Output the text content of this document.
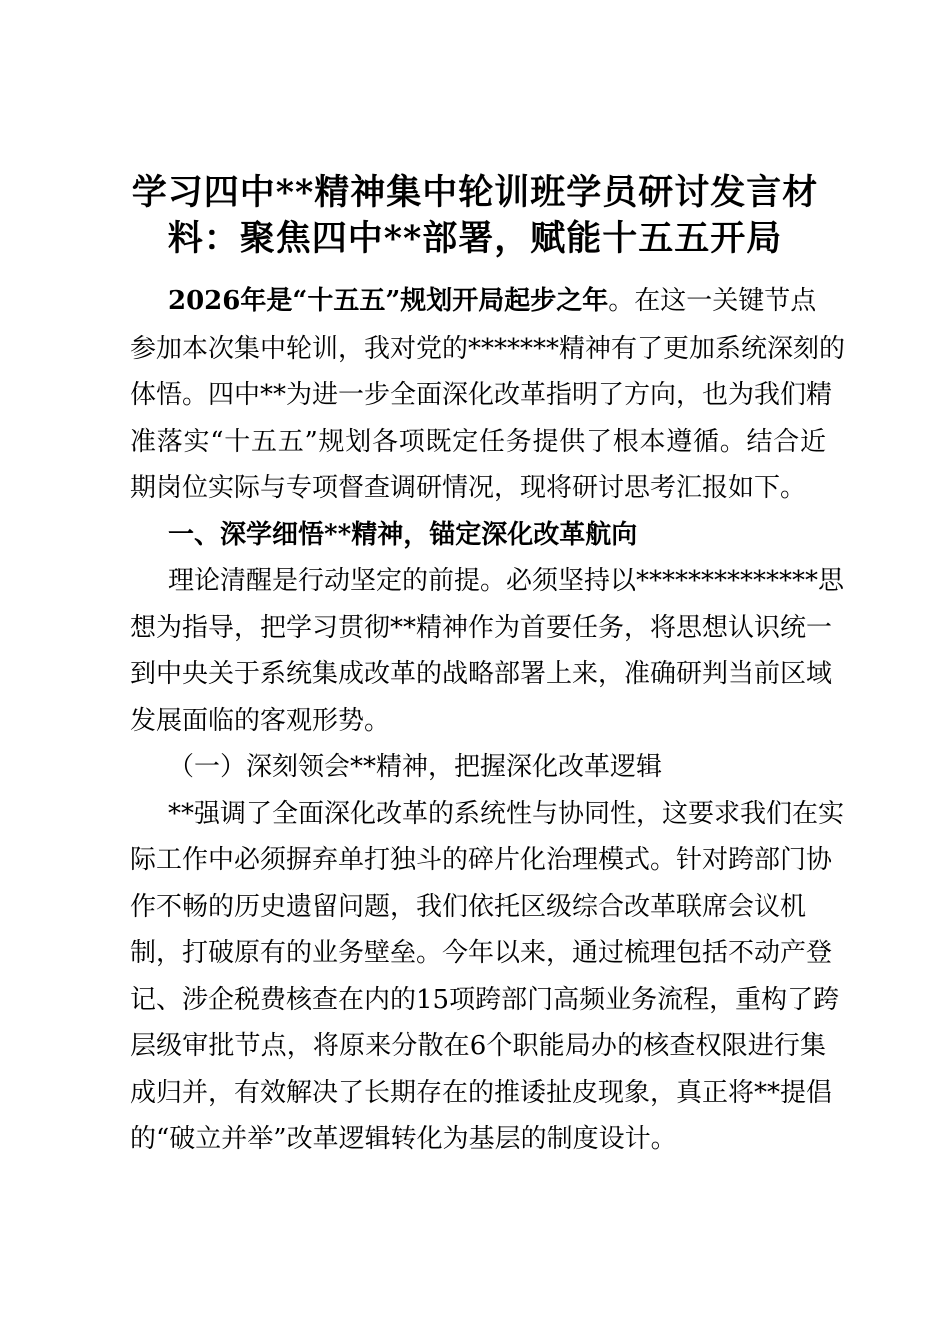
学习四中**精神集中轮训班学员研讨发言材
料：聚焦四中**部署，赋能十五五开局
2026年是“十五五”规划开局起步之年。在这一关键节点
参加本次集中轮训，我对党的*******精神有了更加系统深刻的
体悟。四中**为进一步全面深化改革指明了方向，也为我们精
准落实“十五五”规划各项既定任务提供了根本遵循。结合近
期岗位实际与专项督查调研情况，现将研讨思考汇报如下。
一、深学细悟**精神，锚定深化改革航向
理论清醒是行动坚定的前提。必须坚持以**************思
想为指导，把学习贯彻**精神作为首要任务，将思想认识统一
到中央关于系统集成改革的战略部署上来，准确研判当前区域
发展面临的客观形势。
（一）深刻领会**精神，把握深化改革逻辑
**强调了全面深化改革的系统性与协同性，这要求我们在实
际工作中必须摒弃单打独斗的碎片化治理模式。针对跨部门协
作不畅的历史遗留问题，我们依托区级综合改革联席会议机
制，打破原有的业务壁垒。今年以来，通过梳理包括不动产登
记、涉企税费核查在内的15项跨部门高频业务流程，重构了跨
层级审批节点，将原来分散在6个职能局办的核查权限进行集
成归并，有效解决了长期存在的推诿扯皮现象，真正将**提倡
的“破立并举”改革逻辑转化为基层的制度设计。
